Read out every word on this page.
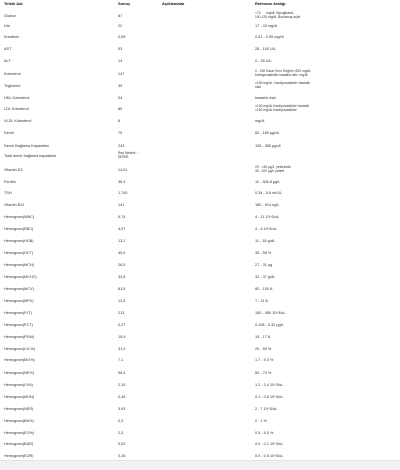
Tetkik Adı	Sonuç	Açıklamalar	Referans Aralığı
Glukoz	87
<70      mg/dL Hipoglisemi,
100-125 mg/dL Bozulmuş açlık
Üre	22	17 - 43 mg/dl
Kreatinin	0,59	0.51 - 0.95 mg/dl
AST	53	28 - 100 U/L
ALT	14	0 - 35 U/L
Kolesterol	147
0 - 200 Karar Sınır Değeri;>200 mg/dL
Kardiyovasküler hastalık riski  mg/dl
Trigliserid	39
<150 mg/dL, Kardiyovasküler hastalık
riski
HDL Kolesterol	54	hastalık riski
LDL Kolesterol	85
>130 mg/dL Kardiyovasküler hastalık
>160 mg/dL Kardiyovasküler
VLDL Kolesterol	8	mg/dl
Demir	75	60 - 180 µg/dL
Demir Bağlama Kapasitesi	243	155 - 355 µg/dl
Total demir bağlama kapasitesi
Red Nedeni : -
DİĞER
Vitamin D3	14,51
20 - <30 µg/L  yetersizlik
30 - 100 µg/L yeterli
Ferritin	36,3	11 - 306.8 µg/L
TSH	1,740	0.34 - 5.6 mIU/L
Vitamin B12	141	180 - 914 ng/L
Hemogram(WBC)	6,74	4 - 11 10^3/uL
Hemogram(RBC)	4,97	4 - 6 10^6/uL
Hemogram(HGB)	13,2	11 - 18 g/dL
Hemogram(HCT)	40,5	35 - 55 %
Hemogram(MCH)	26,5	27 - 31 pg
Hemogram(MCHC)	32,6	32 - 37 g/dL
Hemogram(MCV)	81,5	80 - 100 fL
Hemogram(MPV)	12,5	7 - 11 fL
Hemogram(PLT)	213	150 - 450 10^3/uL
Hemogram(PCT)	0,27	0.108 - 0.32 µg/L
Hemogram(PDW)	15,9	15 - 17 fL
Hemogram(LYL%)	31,9	20 - 50 %
Hemogram(MO%)	7,1	1.7 - 9.3 %
Hemogram(NE%)	58,4	50 - 70 %
Hemogram(LYM)	2,15	1.2 - 3.4 10^3/uL
Hemogram(MON)	0,48	0.1 - 0.6 10^3/uL
Hemogram(NER)	3,93	2 - 7 10^3/uL
Hemogram(BA%)	0,3	0 - 1 %
Hemogram(EO%)	2,3	0.5 - 5.0 %
Hemogram(BAR)	0,02	0.0 - 0.1 10^3/uL
Hemogram(EOR)	0,16	0.0 - 0.5 10^3/uL
